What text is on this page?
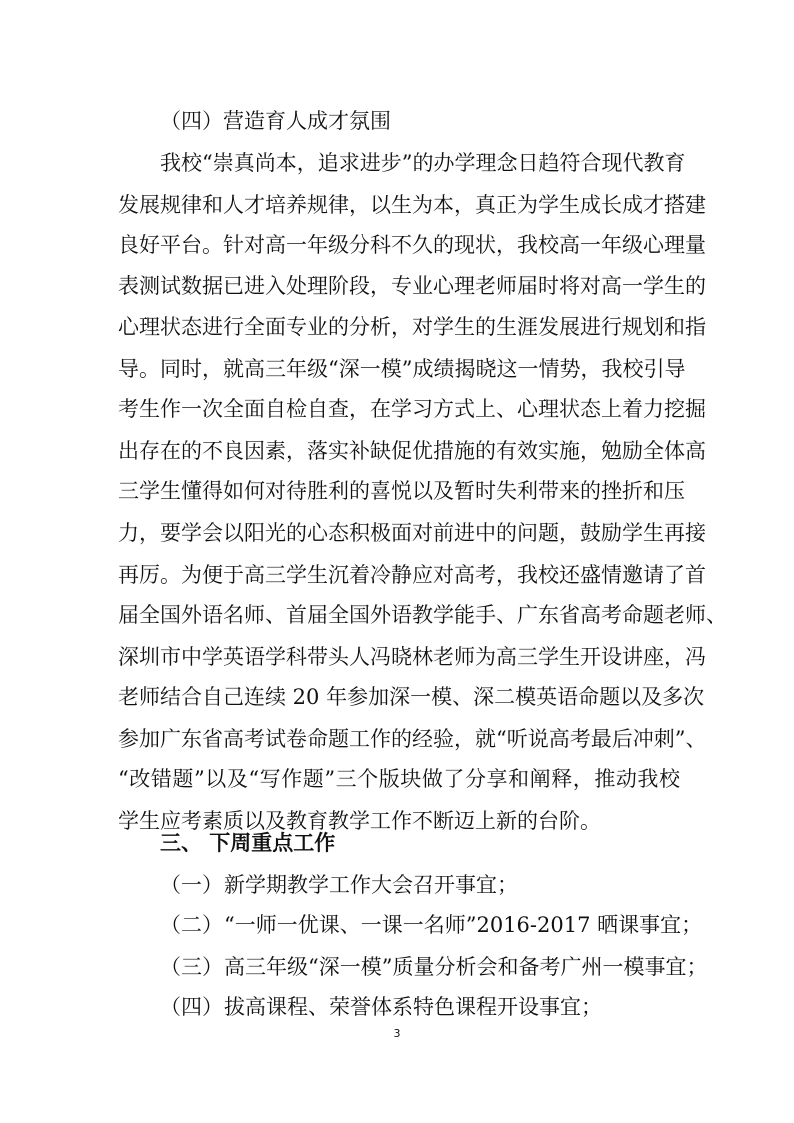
（四）营造育人成才氛围
我校“崇真尚本，追求进步”的办学理念日趋符合现代教育
发展规律和人才培养规律，以生为本，真正为学生成长成才搭建
良好平台。针对高一年级分科不久的现状，我校高一年级心理量
表测试数据已进入处理阶段，专业心理老师届时将对高一学生的
心理状态进行全面专业的分析，对学生的生涯发展进行规划和指
导。同时，就高三年级“深一模”成绩揭晓这一情势，我校引导
考生作一次全面自检自查，在学习方式上、心理状态上着力挖掘
出存在的不良因素，落实补缺促优措施的有效实施，勉励全体高
三学生懂得如何对待胜利的喜悦以及暂时失利带来的挫折和压
力，要学会以阳光的心态积极面对前进中的问题，鼓励学生再接
再厉。为便于高三学生沉着冷静应对高考，我校还盛情邀请了首
届全国外语名师、首届全国外语教学能手、广东省高考命题老师、
深圳市中学英语学科带头人冯晓林老师为高三学生开设讲座，冯
老师结合自己连续 20 年参加深一模、深二模英语命题以及多次
参加广东省高考试卷命题工作的经验，就“听说高考最后冲刺”、
“改错题”以及“写作题”三个版块做了分享和阐释，推动我校
学生应考素质以及教育教学工作不断迈上新的台阶。
三、 下周重点工作
（一）新学期教学工作大会召开事宜；
（二）“一师一优课、一课一名师”2016-2017 晒课事宜；
（三）高三年级“深一模”质量分析会和备考广州一模事宜；
（四）拔高课程、荣誉体系特色课程开设事宜；
3
